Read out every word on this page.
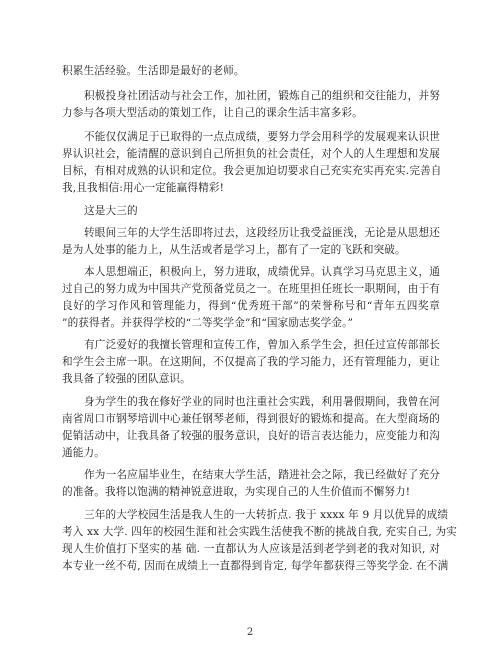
积累生活经验。生活即是最好的老师。
积极投身社团活动与社会工作，加社团，锻炼自己的组织和交往能力，并努
力参与各项大型活动的策划工作，让自己的课余生活丰富多彩。
不能仅仅满足于已取得的一点点成绩，要努力学会用科学的发展观来认识世
界认识社会，能清醒的意识到自己所担负的社会责任，对个人的人生理想和发展
目标，有相对成熟的认识和定位。我会更加迫切要求自己充实充实再充实.完善自
我,且我相信:用心一定能赢得精彩!
这是大三的
转眼间三年的大学生活即将过去，这段经历让我受益匪浅，无论是从思想还
是为人处事的能力上，从生活或者是学习上，都有了一定的飞跃和突破。
本人思想端正，积极向上，努力进取，成绩优异。认真学习马克思主义，通
过自己的努力成为中国共产党预备党员之一。在班里担任班长一职期间，由于有
良好的学习作风和管理能力，得到“优秀班干部”的荣誉称号和“青年五四奖章
”的获得者。并获得学校的“二等奖学金”和“国家励志奖学金。”
有广泛爱好的我擅长管理和宣传工作，曾加入系学生会，担任过宣传部部长
和学生会主席一职。在这期间，不仅提高了我的学习能力，还有管理能力，更让
我具备了较强的团队意识。
身为学生的我在修好学业的同时也注重社会实践，利用暑假期间，我曾在河
南省周口市钢琴培训中心兼任钢琴老师，得到很好的锻炼和提高。在大型商场的
促销活动中，让我具备了较强的服务意识，良好的语言表达能力，应变能力和沟
通能力。
作为一名应届毕业生，在结束大学生活，踏进社会之际，我已经做好了充分
的准备。我将以饱满的精神锐意进取，为实现自己的人生价值而不懈努力!
三年的大学校园生活是我人生的一大转折点. 我于 xxxx 年 9 月以优异的成绩
考入 xx 大学. 四年的校园生涯和社会实践生活使我不断的挑战自我, 充实自己, 为实
现人生价值打下坚实的基 础. 一直都认为人应该是活到老学到老的我对知识, 对
本专业一丝不苟, 因而在成绩上一直都得到肯定, 每学年都获得三等奖学金. 在不满
2
